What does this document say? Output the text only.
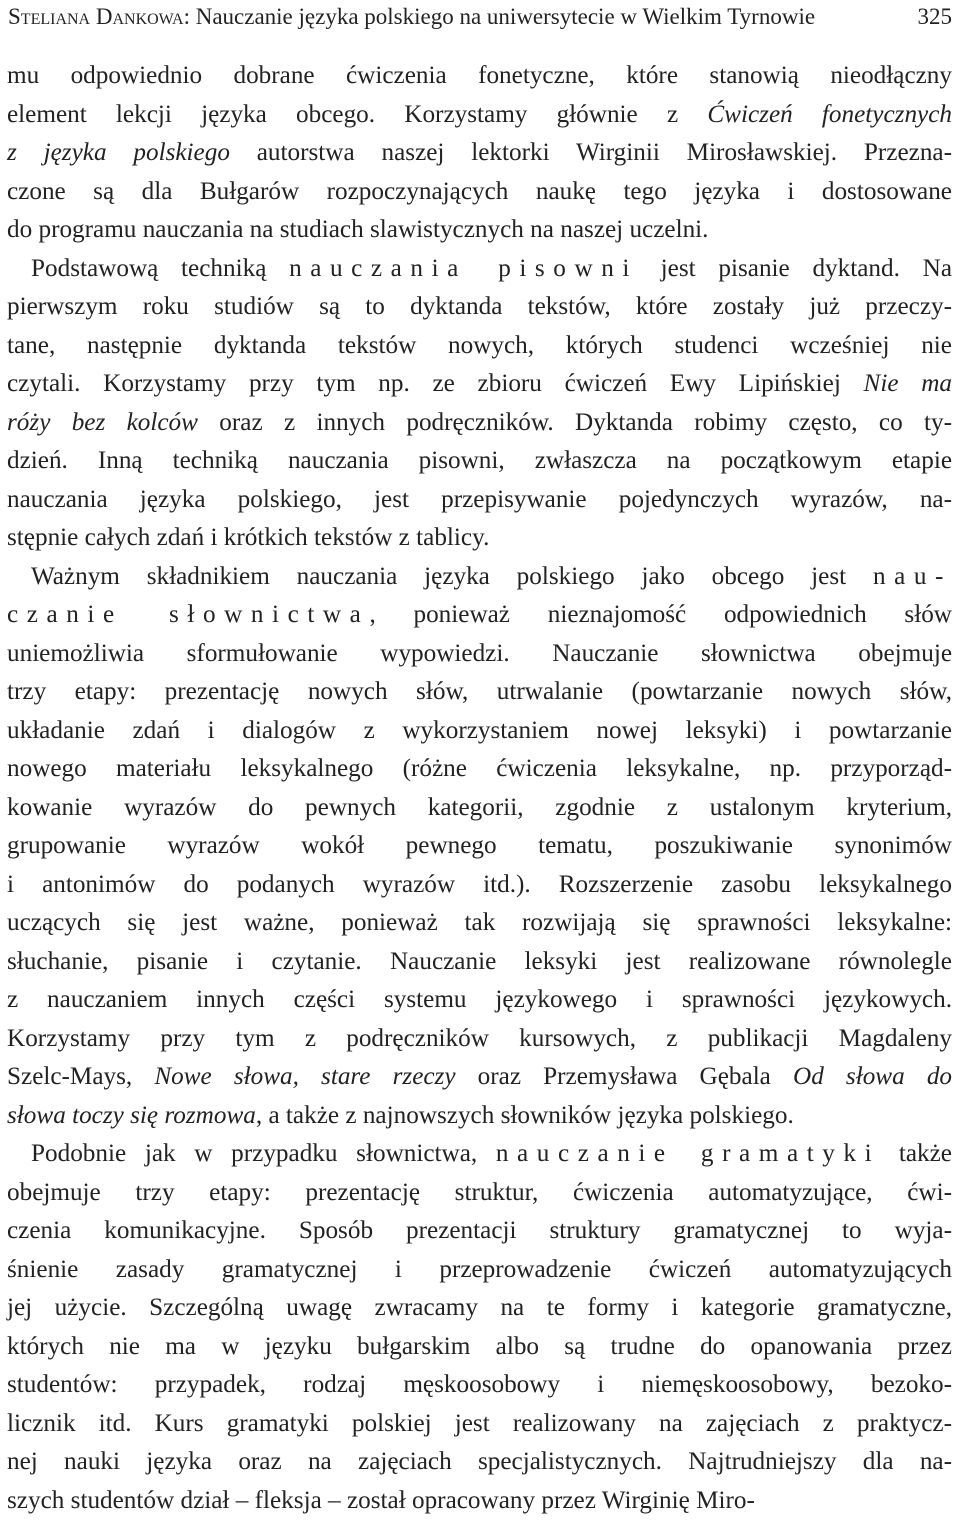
Steliana Dankowa: Nauczanie języka polskiego na uniwersytecie w Wielkim Tyrnowie	325
mu odpowiednio dobrane ćwiczenia fonetyczne, które stanowią nieodłączny
element lekcji języka obcego. Korzystamy głównie z Ćwiczeń fonetycznych
z języka polskiego autorstwa naszej lektorki Wirginii Mirosławskiej. Przezna-
czone są dla Bułgarów rozpoczynających naukę tego języka i dostosowane
do programu nauczania na studiach slawistycznych na naszej uczelni.
Podstawową techniką nauczania pisowni jest pisanie dyktand. Na
pierwszym roku studiów są to dyktanda tekstów, które zostały już przeczy-
tane, następnie dyktanda tekstów nowych, których studenci wcześniej nie
czytali. Korzystamy przy tym np. ze zbioru ćwiczeń Ewy Lipińskiej Nie ma
róży bez kolców oraz z innych podręczników. Dyktanda robimy często, co ty-
dzień. Inną techniką nauczania pisowni, zwłaszcza na początkowym etapie
nauczania języka polskiego, jest przepisywanie pojedynczych wyrazów, na-
stępnie całych zdań i krótkich tekstów z tablicy.
Ważnym składnikiem nauczania języka polskiego jako obcego jest nau-
czanie słownictwa, ponieważ nieznajomość odpowiednich słów
uniemożliwia sformułowanie wypowiedzi. Nauczanie słownictwa obejmuje
trzy etapy: prezentację nowych słów, utrwalanie (powtarzanie nowych słów,
układanie zdań i dialogów z wykorzystaniem nowej leksyki) i powtarzanie
nowego materiału leksykalnego (różne ćwiczenia leksykalne, np. przyporząd-
kowanie wyrazów do pewnych kategorii, zgodnie z ustalonym kryterium,
grupowanie wyrazów wokół pewnego tematu, poszukiwanie synonimów
i antonimów do podanych wyrazów itd.). Rozszerzenie zasobu leksykalnego
uczących się jest ważne, ponieważ tak rozwijają się sprawności leksykalne:
słuchanie, pisanie i czytanie. Nauczanie leksyki jest realizowane równolegle
z nauczaniem innych części systemu językowego i sprawności językowych.
Korzystamy przy tym z podręczników kursowych, z publikacji Magdaleny
Szelc-Mays, Nowe słowa, stare rzeczy oraz Przemysława Gębala Od słowa do
słowa toczy się rozmowa, a także z najnowszych słowników języka polskiego.
Podobnie jak w przypadku słownictwa, nauczanie gramatyki także
obejmuje trzy etapy: prezentację struktur, ćwiczenia automatyzujące, ćwi-
czenia komunikacyjne. Sposób prezentacji struktury gramatycznej to wyja-
śnienie zasady gramatycznej i przeprowadzenie ćwiczeń automatyzujących
jej użycie. Szczególną uwagę zwracamy na te formy i kategorie gramatyczne,
których nie ma w języku bułgarskim albo są trudne do opanowania przez
studentów: przypadek, rodzaj męskoosobowy i niemęskoosobowy, bezoko-
licznik itd. Kurs gramatyki polskiej jest realizowany na zajęciach z praktycz-
nej nauki języka oraz na zajęciach specjalistycznych. Najtrudniejszy dla na-
szych studentów dział – fleksja – został opracowany przez Wirginię Miro-
